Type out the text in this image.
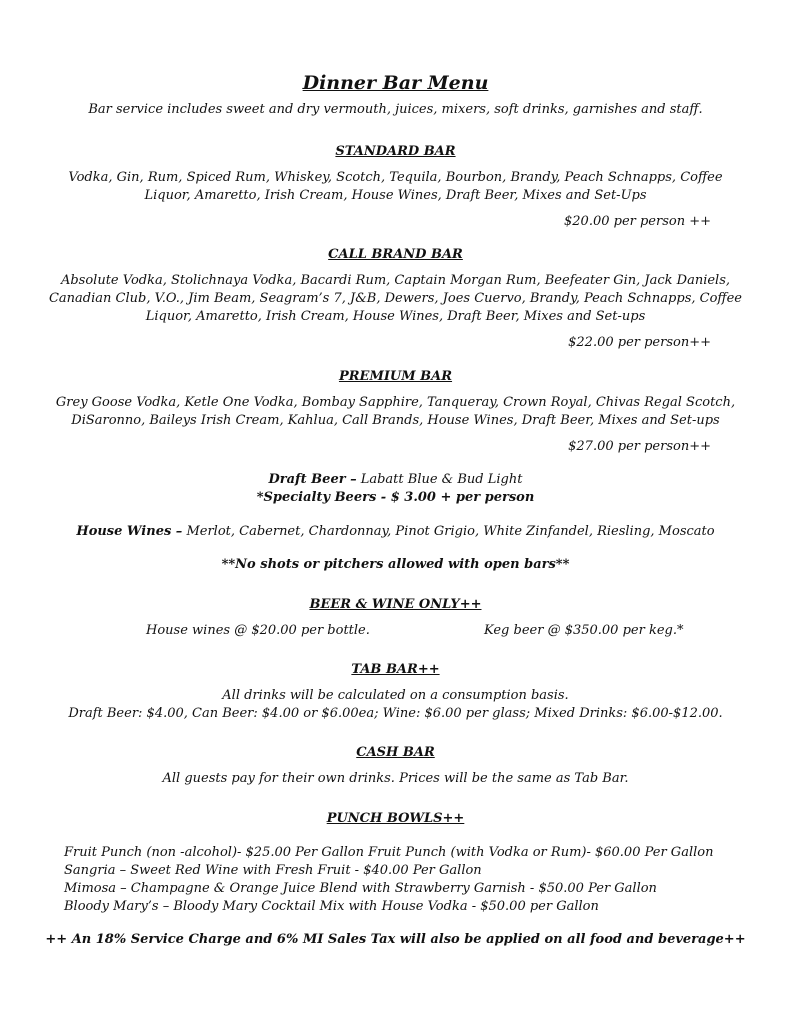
Dinner Bar Menu
Bar service includes sweet and dry vermouth, juices, mixers, soft drinks, garnishes and staff.
STANDARD BAR
Vodka, Gin, Rum, Spiced Rum, Whiskey, Scotch, Tequila, Bourbon, Brandy, Peach Schnapps, Coffee
Liquor, Amaretto, Irish Cream, House Wines, Draft Beer, Mixes and Set-Ups
$20.00 per person ++
CALL BRAND BAR
Absolute Vodka, Stolichnaya Vodka, Bacardi Rum, Captain Morgan Rum, Beefeater Gin, Jack Daniels,
Canadian Club, V.O., Jim Beam, Seagram’s 7, J&B, Dewers, Joes Cuervo, Brandy, Peach Schnapps, Coffee
Liquor, Amaretto, Irish Cream, House Wines, Draft Beer, Mixes and Set-ups
$22.00 per person++
PREMIUM BAR
Grey Goose Vodka, Ketle One Vodka, Bombay Sapphire, Tanqueray, Crown Royal, Chivas Regal Scotch,
DiSaronno, Baileys Irish Cream, Kahlua, Call Brands, House Wines, Draft Beer, Mixes and Set-ups
$27.00 per person++
Draft Beer – Labatt Blue & Bud Light
*Specialty Beers - $ 3.00 + per person
House Wines – Merlot, Cabernet, Chardonnay, Pinot Grigio, White Zinfandel, Riesling, Moscato
**No shots or pitchers allowed with open bars**
BEER & WINE ONLY++
House wines @ $20.00 per bottle.	Keg beer @ $350.00 per keg.*
TAB BAR++
All drinks will be calculated on a consumption basis.
Draft Beer: $4.00, Can Beer: $4.00 or $6.00ea; Wine: $6.00 per glass; Mixed Drinks: $6.00-$12.00.
CASH BAR
All guests pay for their own drinks. Prices will be the same as Tab Bar.
PUNCH BOWLS++
Fruit Punch (non -alcohol)- $25.00 Per Gallon Fruit Punch (with Vodka or Rum)- $60.00 Per Gallon
Sangria – Sweet Red Wine with Fresh Fruit - $40.00 Per Gallon
Mimosa – Champagne & Orange Juice Blend with Strawberry Garnish - $50.00 Per Gallon
Bloody Mary’s – Bloody Mary Cocktail Mix with House Vodka - $50.00 per Gallon
++ An 18% Service Charge and 6% MI Sales Tax will also be applied on all food and beverage++
